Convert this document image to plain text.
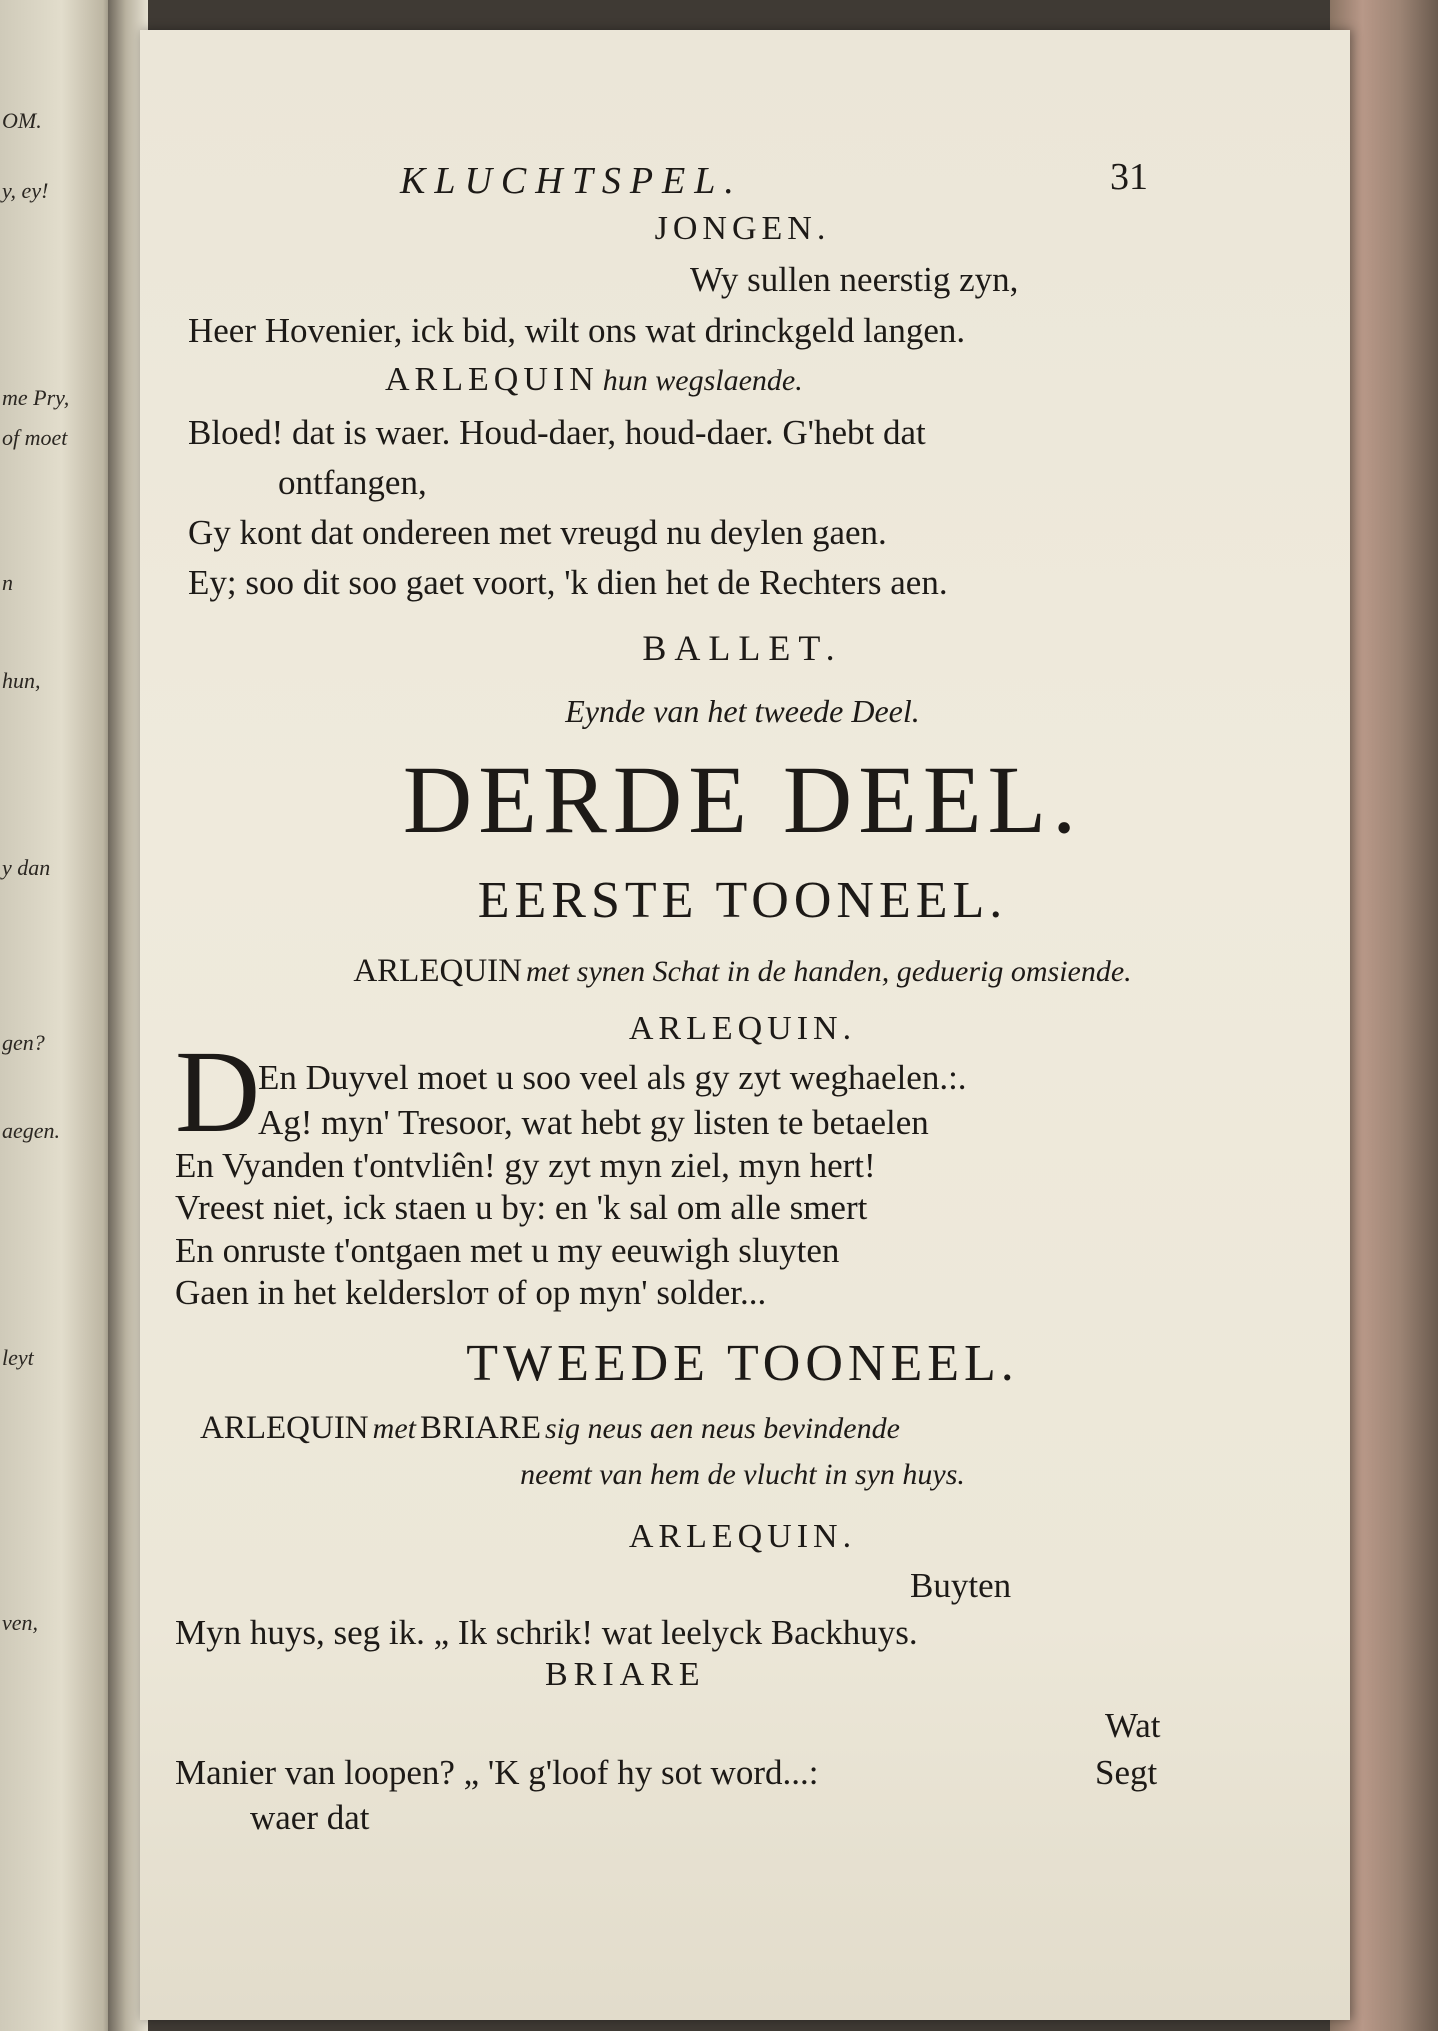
OM.
y, ey!
me Pry,
of moet
n
hun,
y dan
gen?
aegen.
leyt
ven,
KLUCHTSPEL.	31
JONGEN.
Wy sullen neerstig zyn,
Heer Hovenier, ick bid, wilt ons wat drinckgeld langen.
ARLEQUIN hun wegslaende.
Bloed! dat is waer. Houd-daer, houd-daer. G'hebt dat
ontfangen,
Gy kont dat ondereen met vreugd nu deylen gaen.
Ey; soo dit soo gaet voort, 'k dien het de Rechters aen.
BALLET.
Eynde van het tweede Deel.
DERDE DEEL.
EERSTE TOONEEL.
ARLEQUIN met synen Schat in de handen, geduerig omsiende.
ARLEQUIN.
D
En Duyvel moet u soo veel als gy zyt weghaelen.:.
Ag! myn' Tresoor, wat hebt gy listen te betaelen
En Vyanden t'ontvliên! gy zyt myn ziel, myn hert!
Vreest niet, ick staen u by: en 'k sal om alle smert
En onruste t'ontgaen met u my eeuwigh sluyten
Gaen in het keldersloт of op myn' solder...
TWEEDE TOONEEL.
ARLEQUIN met BRIARE sig neus aen neus bevindende
neemt van hem de vlucht in syn huys.
ARLEQUIN.
Buyten
Myn huys, seg ik. „ Ik schrik! wat leelyck Backhuys.
BRIARE
Wat
Manier van loopen? „ 'K g'loof hy sot word...:	Segt
waer dat
